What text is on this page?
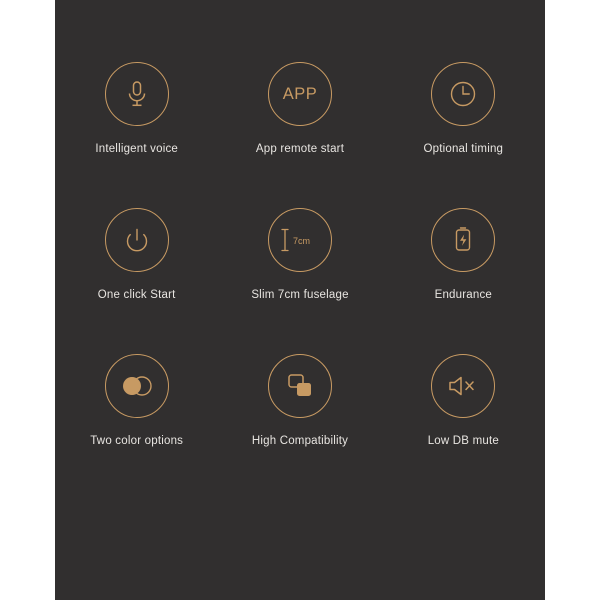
Intelligent voice
APP
App remote start	Optional timing
One click Start
7cm
Slim 7cm fuselage	Endurance
Two color options	High Compatibility	Low DB mute
